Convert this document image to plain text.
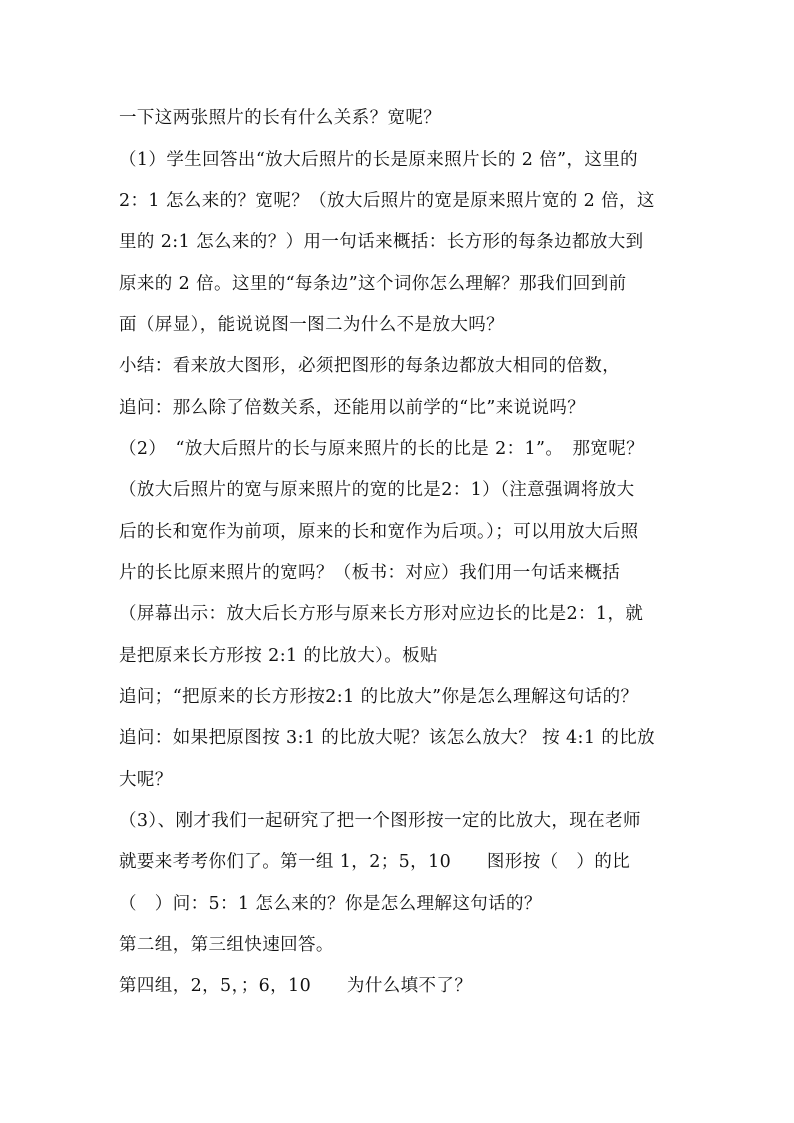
一下这两张照片的长有什么关系？宽呢？
（1）学生回答出“放大后照片的长是原来照片长的 2 倍”，这里的
2：1 怎么来的？宽呢？（放大后照片的宽是原来照片宽的 2 倍，这
里的 2:1 怎么来的？）用一句话来概括：长方形的每条边都放大到
原来的 2 倍。这里的“每条边”这个词你怎么理解？那我们回到前
面（屏显），能说说图一图二为什么不是放大吗？
小结：看来放大图形，必须把图形的每条边都放大相同的倍数，
追问：那么除了倍数关系，还能用以前学的“比”来说说吗？
（2）　“放大后照片的长与原来照片的长的比是 2：1”。　那宽呢？
（放大后照片的宽与原来照片的宽的比是2：1）（注意强调将放大
后的长和宽作为前项，原来的长和宽作为后项。）；可以用放大后照
片的长比原来照片的宽吗？（板书：对应）我们用一句话来概括
（屏幕出示：放大后长方形与原来长方形对应边长的比是2：1，就
是把原来长方形按 2:1 的比放大）。板贴
追问；“把原来的长方形按2:1 的比放大”你是怎么理解这句话的？
追问：如果把原图按 3:1 的比放大呢？该怎么放大？ 按 4:1 的比放
大呢？
（3）、刚才我们一起研究了把一个图形按一定的比放大，现在老师
就要来考考你们了。第一组 1，2；5，10　　图形按（　）的比
（　）问：5：1 怎么来的？你是怎么理解这句话的？
第二组，第三组快速回答。
第四组，2，5，；6，10　　为什么填不了？
